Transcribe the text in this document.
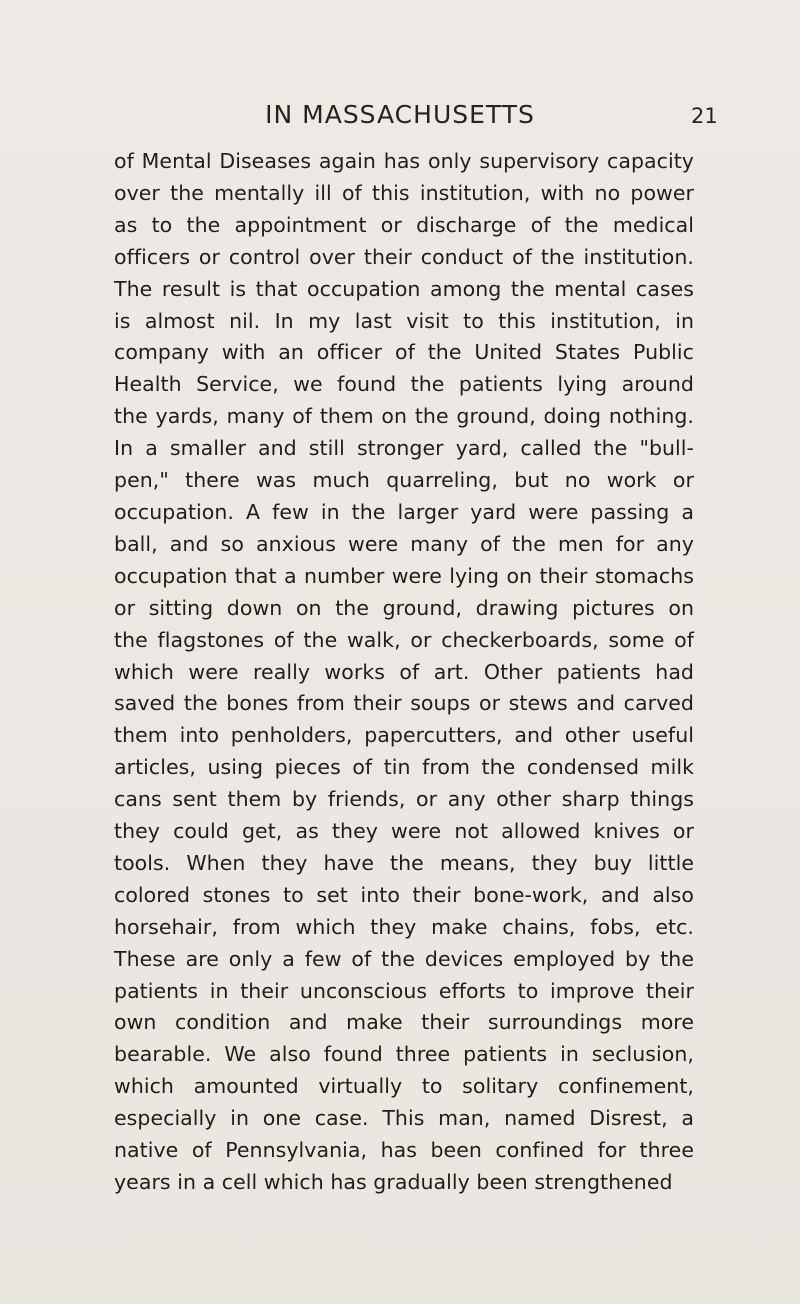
IN MASSACHUSETTS	21
of Mental Diseases again has only supervisory capacity
over the mentally ill of this institution, with no power
as to the appointment or discharge of the medical
officers or control over their conduct of the institution.
The result is that occupation among the mental cases
is almost nil. In my last visit to this institution, in
company with an officer of the United States Public
Health Service, we found the patients lying around
the yards, many of them on the ground, doing nothing.
In a smaller and still stronger yard, called the "bull-
pen," there was much quarreling, but no work or
occupation. A few in the larger yard were passing a
ball, and so anxious were many of the men for any
occupation that a number were lying on their stomachs
or sitting down on the ground, drawing pictures on
the flagstones of the walk, or checkerboards, some of
which were really works of art. Other patients had
saved the bones from their soups or stews and carved
them into penholders, papercutters, and other useful
articles, using pieces of tin from the condensed milk
cans sent them by friends, or any other sharp things
they could get, as they were not allowed knives or
tools. When they have the means, they buy little
colored stones to set into their bone-work, and also
horsehair, from which they make chains, fobs, etc.
These are only a few of the devices employed by the
patients in their unconscious efforts to improve their
own condition and make their surroundings more
bearable. We also found three patients in seclusion,
which amounted virtually to solitary confinement,
especially in one case. This man, named Disrest, a
native of Pennsylvania, has been confined for three
years in a cell which has gradually been strengthened
